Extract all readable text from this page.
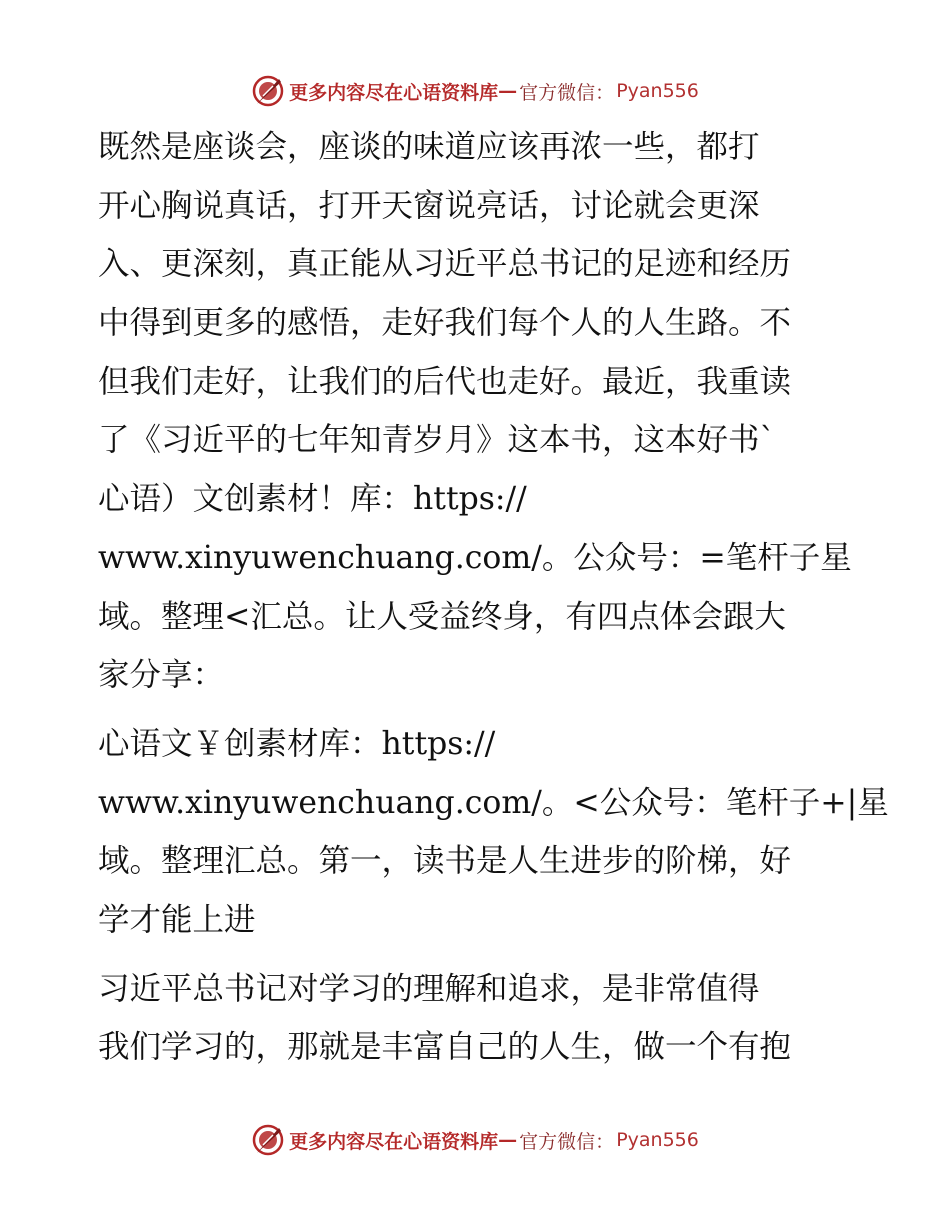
更多内容尽在心语资料库 — 官方微信： Pyan556
既然是座谈会，座谈的味道应该再浓一些，都打
开心胸说真话，打开天窗说亮话，讨论就会更深
入、更深刻，真正能从习近平总书记的足迹和经历
中得到更多的感悟，走好我们每个人的人生路。不
但我们走好，让我们的后代也走好。最近，我重读
了《习近平的七年知青岁月》这本书，这本好书`
心语）文创素材！库：https://
www.xinyuwenchuang.com/。公众号：=笔杆子星
域。整理<汇总。让人受益终身，有四点体会跟大
家分享：
心语文￥创素材库：https://
www.xinyuwenchuang.com/。<公众号：笔杆子+|星
域。整理汇总。第一，读书是人生进步的阶梯，好
学才能上进
习近平总书记对学习的理解和追求，是非常值得
我们学习的，那就是丰富自己的人生，做一个有抱
更多内容尽在心语资料库 — 官方微信： Pyan556
